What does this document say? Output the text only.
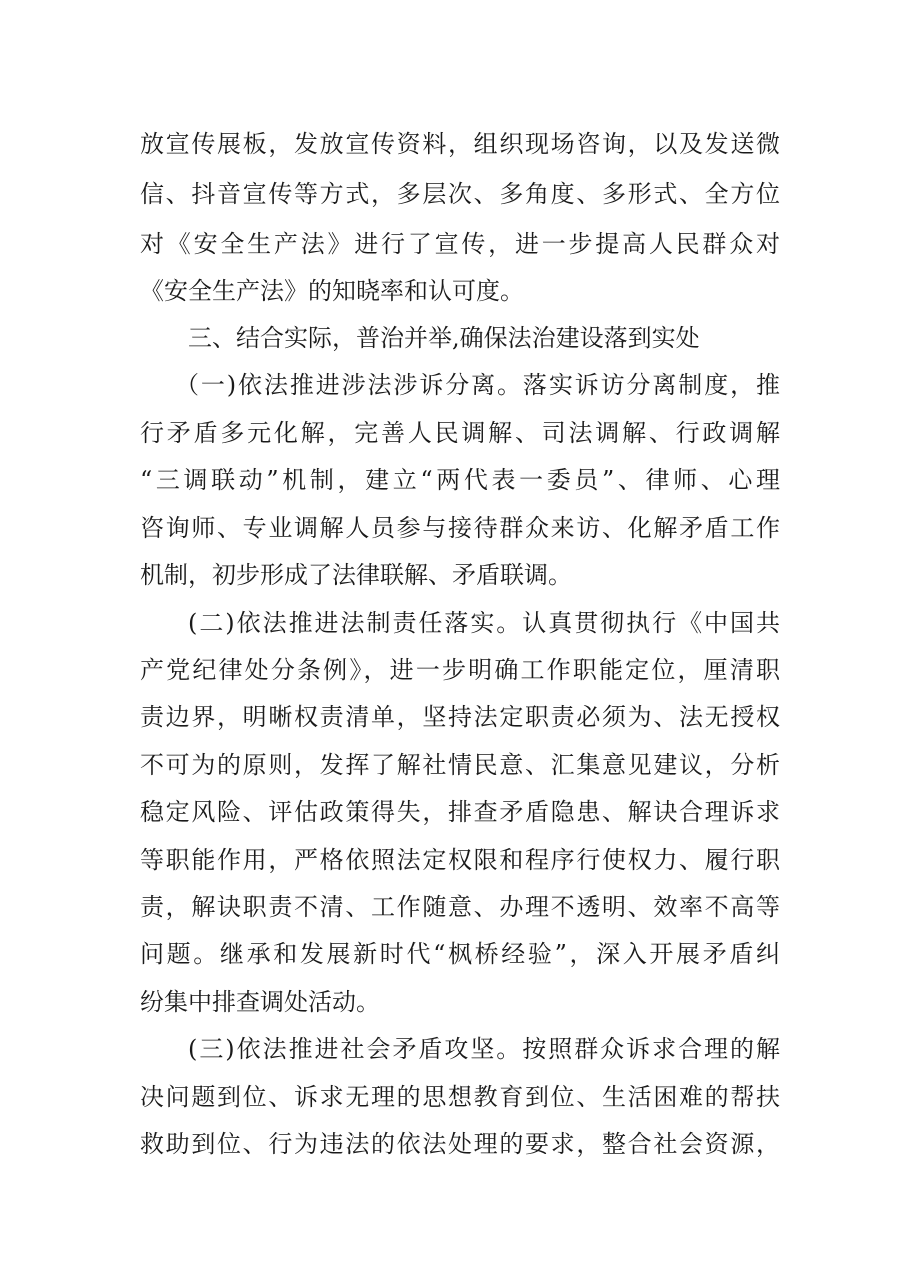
放宣传展板，发放宣传资料，组织现场咨询，以及发送微
信、抖音宣传等方式，多层次、多角度、多形式、全方位
对《安全生产法》进行了宣传，进一步提高人民群众对
《安全生产法》的知晓率和认可度。
三、结合实际，普治并举,确保法治建设落到实处
（一)依法推进涉法涉诉分离。落实诉访分离制度，推
行矛盾多元化解，完善人民调解、司法调解、行政调解
“三调联动”机制，建立“两代表一委员”、律师、心理
咨询师、专业调解人员参与接待群众来访、化解矛盾工作
机制，初步形成了法律联解、矛盾联调。
(二)依法推进法制责任落实。认真贯彻执行《中国共
产党纪律处分条例》，进一步明确工作职能定位，厘清职
责边界，明晰权责清单，坚持法定职责必须为、法无授权
不可为的原则，发挥了解社情民意、汇集意见建议，分析
稳定风险、评估政策得失，排查矛盾隐患、解诀合理诉求
等职能作用，严格依照法定权限和程序行使权力、履行职
责，解诀职责不清、工作随意、办理不透明、效率不高等
问题。继承和发展新时代“枫桥经验”，深入开展矛盾纠
纷集中排查调处活动。
(三)依法推进社会矛盾攻坚。按照群众诉求合理的解
决问题到位、诉求无理的思想教育到位、生活困难的帮扶
救助到位、行为违法的依法处理的要求，整合社会资源，
